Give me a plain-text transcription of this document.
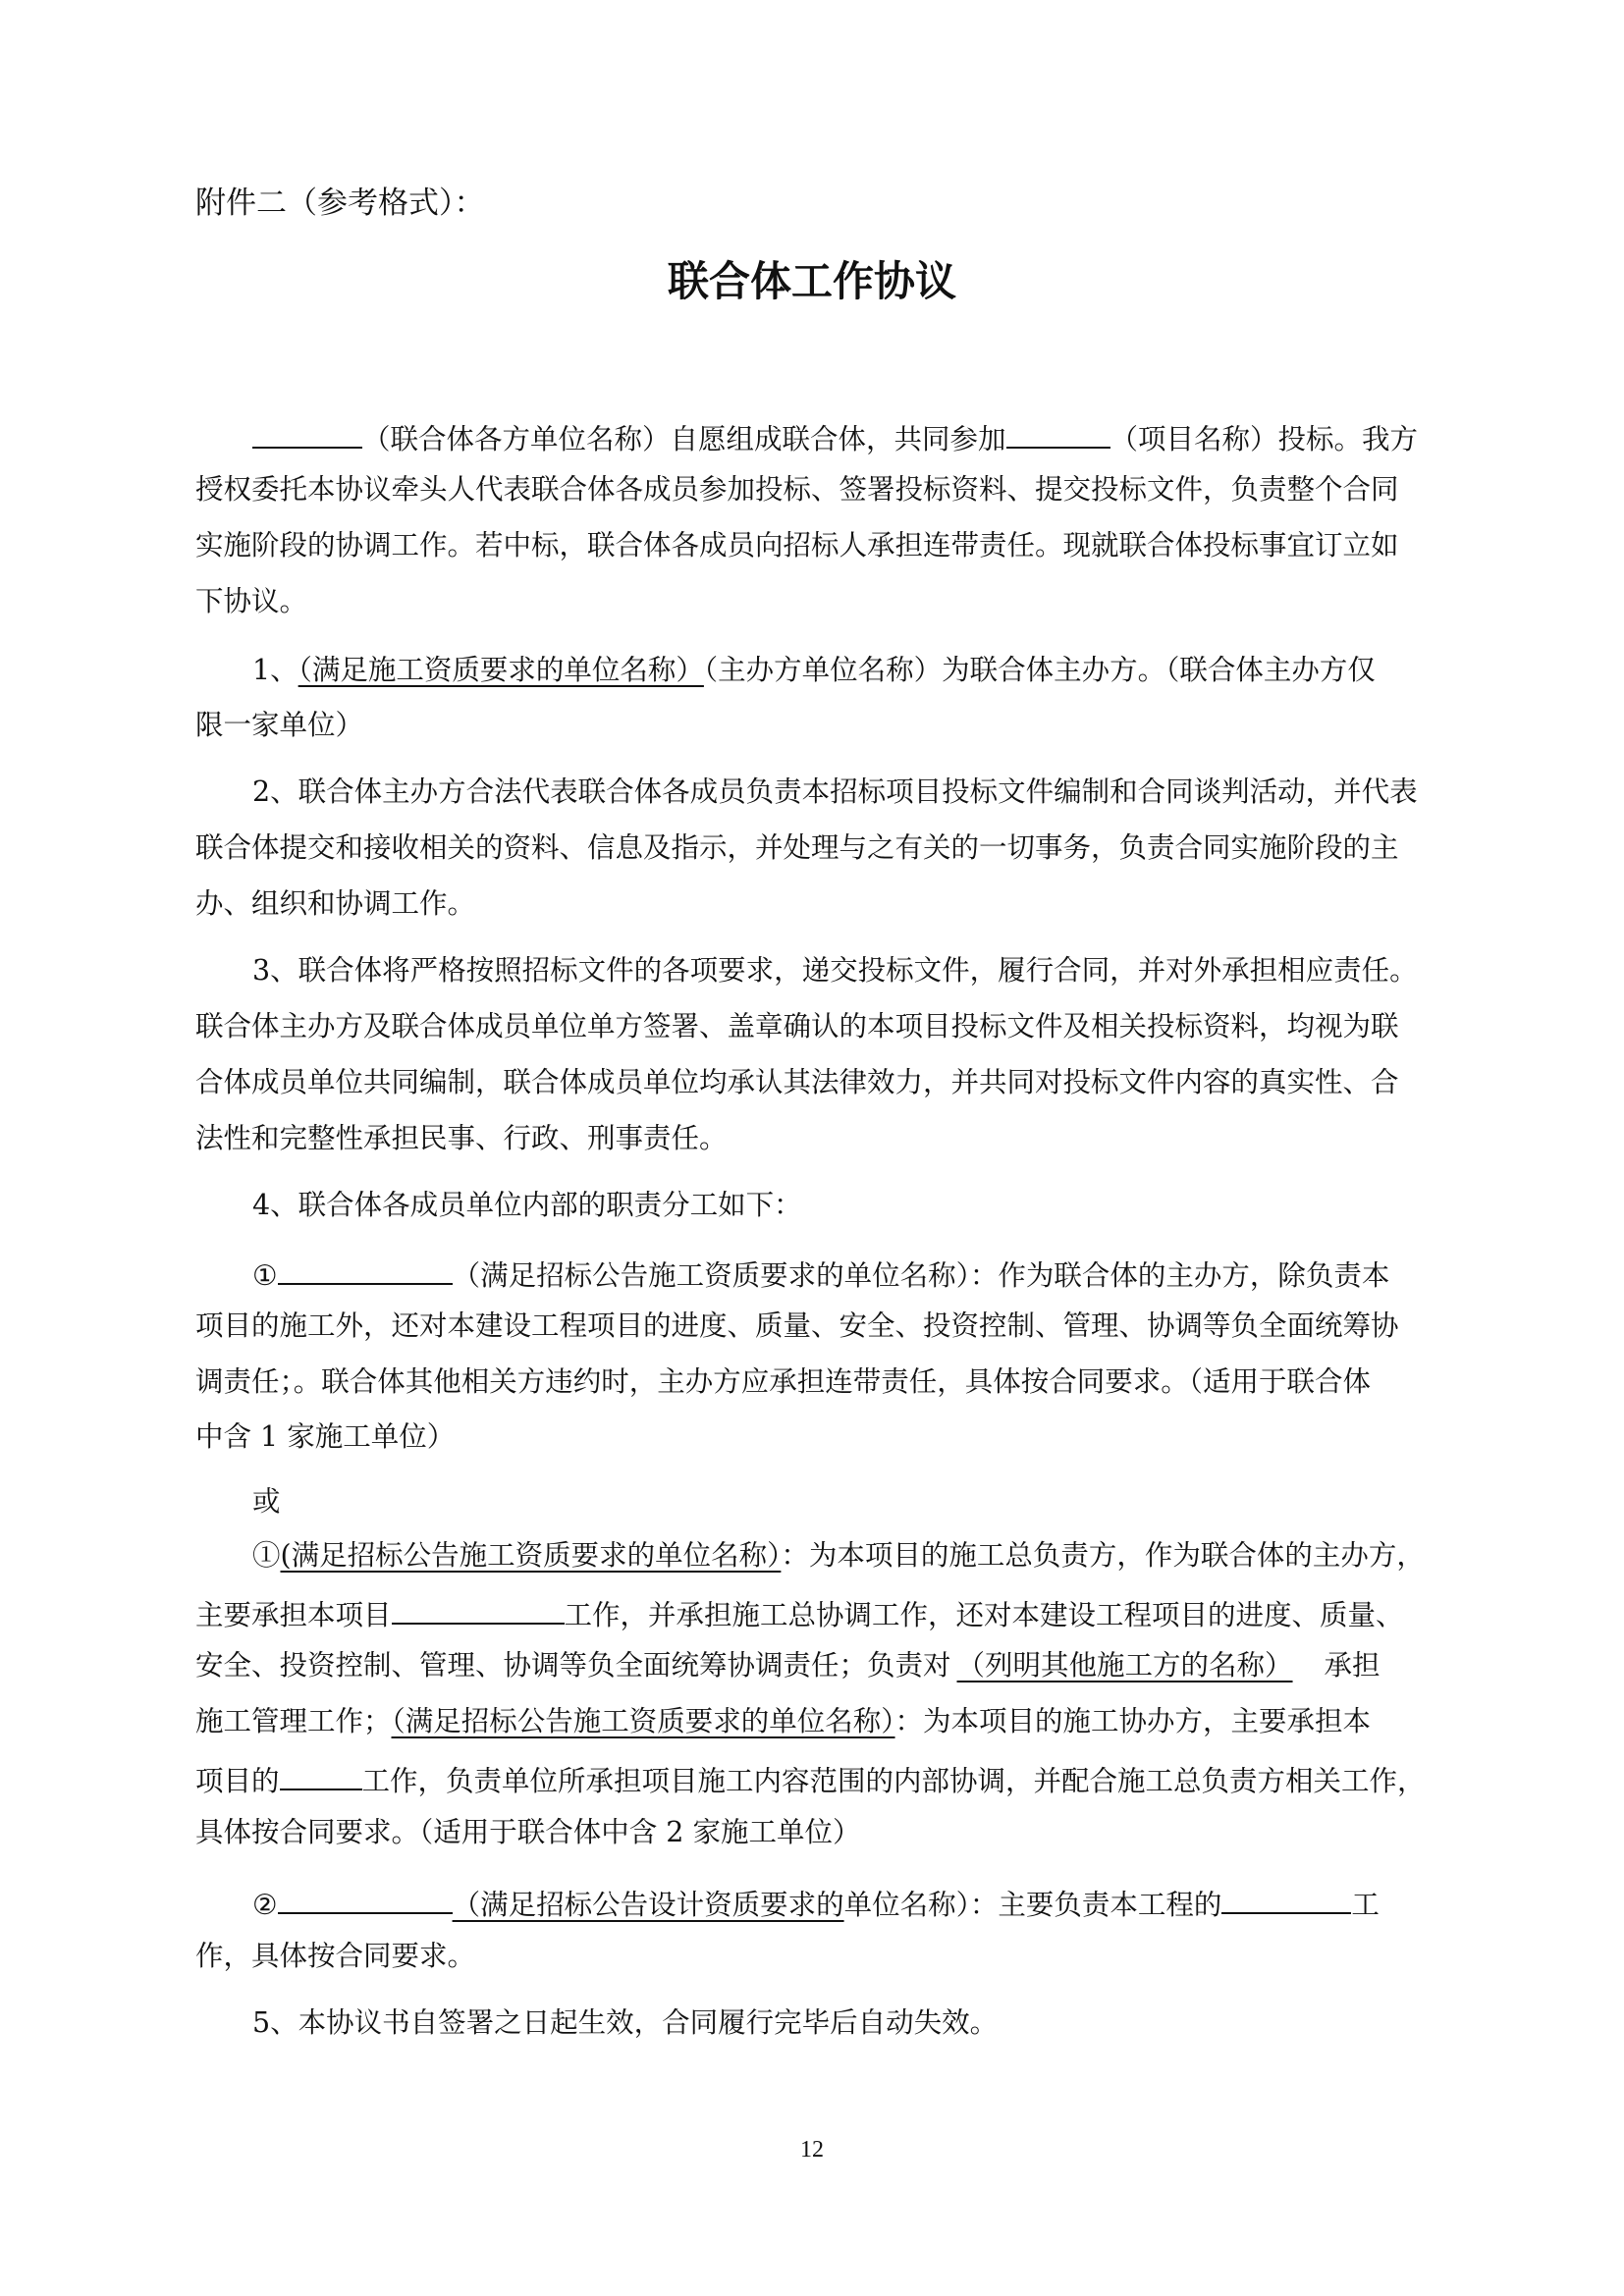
附件二（参考格式）：
联合体工作协议
（联合体各方单位名称）自愿组成联合体，共同参加	（项目名称）投标。我方
授权委托本协议牵头人代表联合体各成员参加投标、签署投标资料、提交投标文件，负责整个合同
实施阶段的协调工作。若中标，联合体各成员向招标人承担连带责任。现就联合体投标事宜订立如
下协议。
1、（满足施工资质要求的单位名称）（主办方单位名称）为联合体主办方。（联合体主办方仅
限一家单位）
2、联合体主办方合法代表联合体各成员负责本招标项目投标文件编制和合同谈判活动，并代表
联合体提交和接收相关的资料、信息及指示，并处理与之有关的一切事务，负责合同实施阶段的主
办、组织和协调工作。
3、联合体将严格按照招标文件的各项要求，递交投标文件，履行合同，并对外承担相应责任。
联合体主办方及联合体成员单位单方签署、盖章确认的本项目投标文件及相关投标资料，均视为联
合体成员单位共同编制，联合体成员单位均承认其法律效力，并共同对投标文件内容的真实性、合
法性和完整性承担民事、行政、刑事责任。
4、联合体各成员单位内部的职责分工如下：
①	（满足招标公告施工资质要求的单位名称）：作为联合体的主办方，除负责本
项目的施工外，还对本建设工程项目的进度、质量、安全、投资控制、管理、协调等负全面统筹协
调责任；。联合体其他相关方违约时，主办方应承担连带责任，具体按合同要求。（适用于联合体
中含 1 家施工单位）
或
①(满足招标公告施工资质要求的单位名称）：为本项目的施工总负责方，作为联合体的主办方，
主要承担本项目	工作，并承担施工总协调工作，还对本建设工程项目的进度、质量、
安全、投资控制、管理、协调等负全面统筹协调责任；负责对 （列明其他施工方的名称） 承担
施工管理工作；（满足招标公告施工资质要求的单位名称）：为本项目的施工协办方，主要承担本
项目的	工作，负责单位所承担项目施工内容范围的内部协调，并配合施工总负责方相关工作，
具体按合同要求。（适用于联合体中含 2 家施工单位）
②	（满足招标公告设计资质要求的单位名称）：主要负责本工程的	工
作，具体按合同要求。
5、本协议书自签署之日起生效，合同履行完毕后自动失效。
12
